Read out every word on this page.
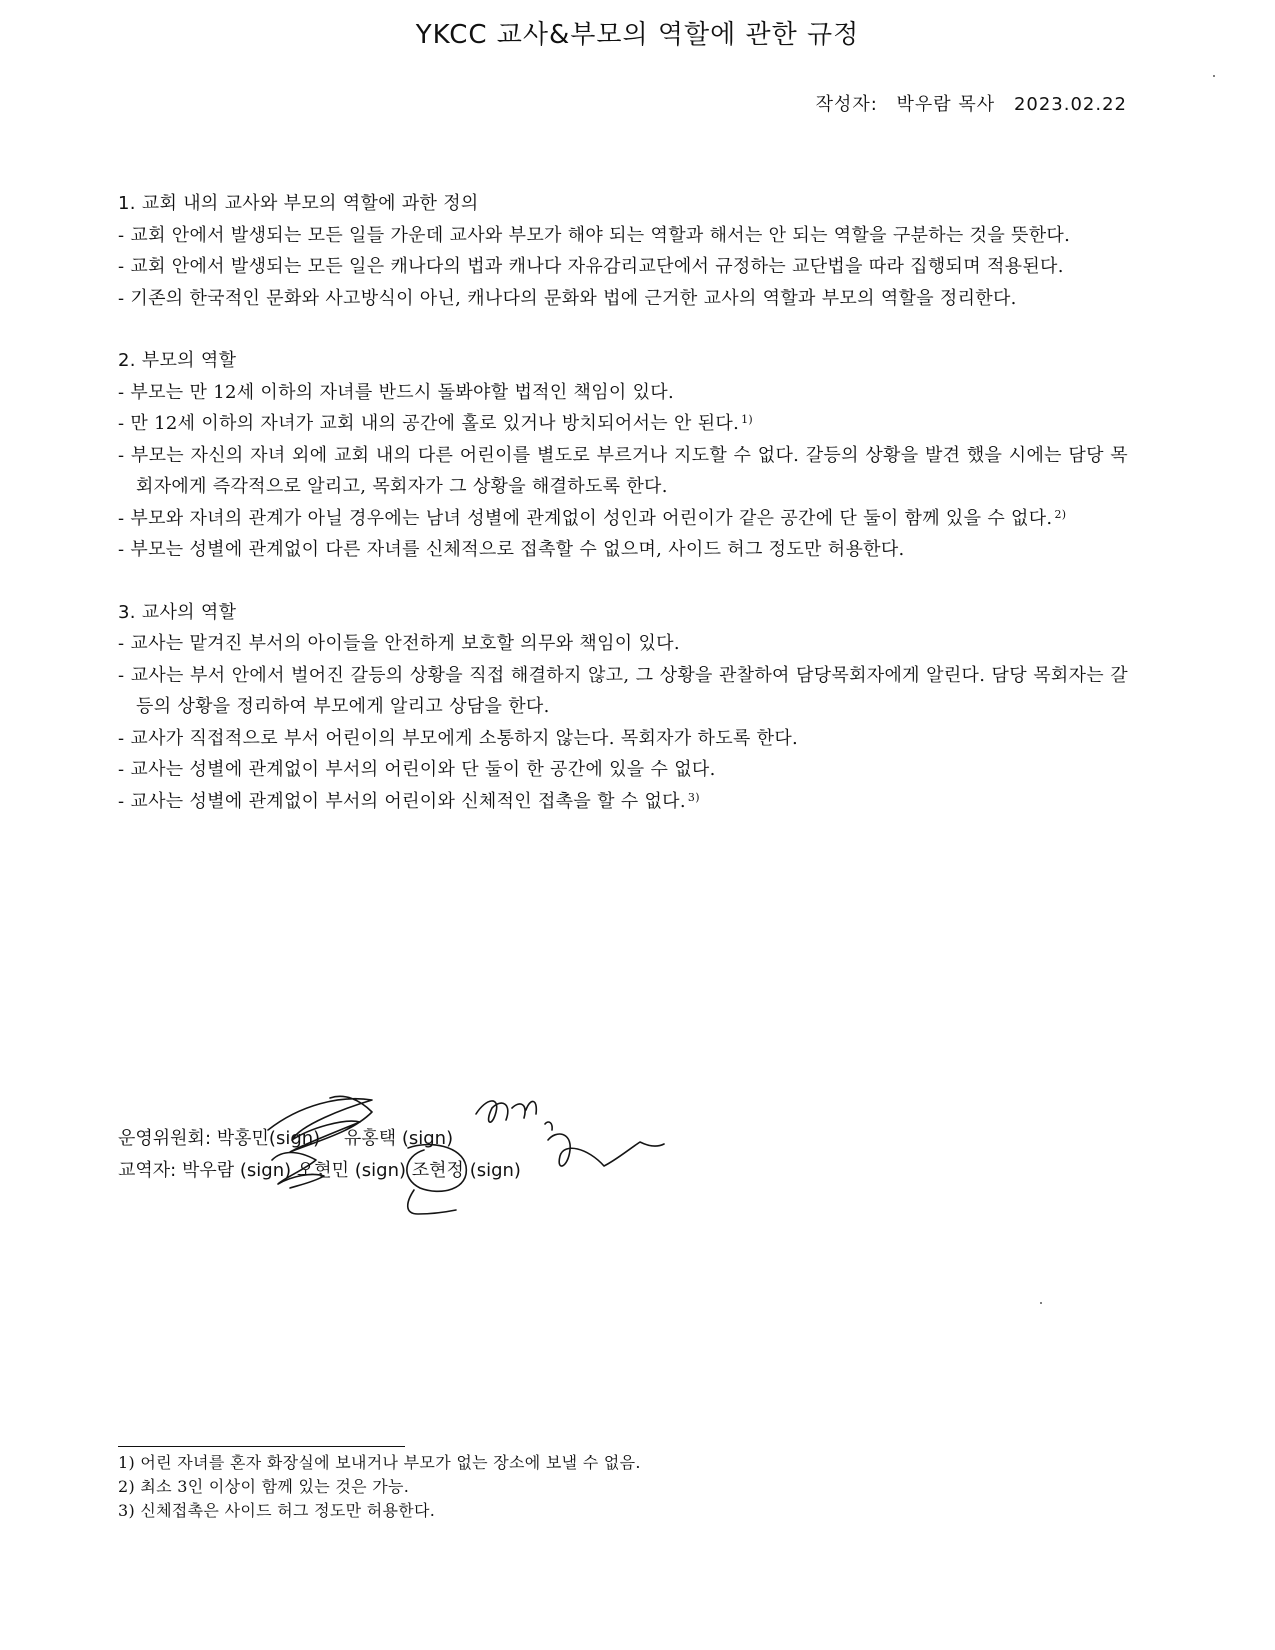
YKCC 교사&부모의 역할에 관한 규정
작성자: 박우람 목사 2023.02.22
1. 교회 내의 교사와 부모의 역할에 과한 정의
- 교회 안에서 발생되는 모든 일들 가운데 교사와 부모가 해야 되는 역할과 해서는 안 되는 역할을 구분하는 것을 뜻한다.
- 교회 안에서 발생되는 모든 일은 캐나다의 법과 캐나다 자유감리교단에서 규정하는 교단법을 따라 집행되며 적용된다.
- 기존의 한국적인 문화와 사고방식이 아닌, 캐나다의 문화와 법에 근거한 교사의 역할과 부모의 역할을 정리한다.
2. 부모의 역할
- 부모는 만 12세 이하의 자녀를 반드시 돌봐야할 법적인 책임이 있다.
- 만 12세 이하의 자녀가 교회 내의 공간에 홀로 있거나 방치되어서는 안 된다. $^{1)}$
- 부모는 자신의 자녀 외에 교회 내의 다른 어린이를 별도로 부르거나 지도할 수 없다. 갈등의 상황을 발견 했을 시에는 담당 목회자에게 즉각적으로 알리고, 목회자가 그 상황을 해결하도록 한다.
- 부모와 자녀의 관계가 아닐 경우에는 남녀 성별에 관계없이 성인과 어린이가 같은 공간에 단 둘이 함께 있을 수 없다. $^{2)}$
- 부모는 성별에 관계없이 다른 자녀를 신체적으로 접촉할 수 없으며, 사이드 허그 정도만 허용한다.
3. 교사의 역할
- 교사는 맡겨진 부서의 아이들을 안전하게 보호할 의무와 책임이 있다.
- 교사는 부서 안에서 벌어진 갈등의 상황을 직접 해결하지 않고, 그 상황을 관찰하여 담당목회자에게 알린다. 담당 목회자는 갈등의 상황을 정리하여 부모에게 알리고 상담을 한다.
- 교사가 직접적으로 부서 어린이의 부모에게 소통하지 않는다. 목회자가 하도록 한다.
- 교사는 성별에 관계없이 부서의 어린이와 단 둘이 한 공간에 있을 수 없다.
- 교사는 성별에 관계없이 부서의 어린이와 신체적인 접촉을 할 수 없다. $^{3)}$
운영위원회: 박홍민(sign) 유홍택 (sign)
교역자: 박우람 (sign) 오현민 (sign) 조현정 (sign)
1) 어린 자녀를 혼자 화장실에 보내거나 부모가 없는 장소에 보낼 수 없음.
2) 최소 3인 이상이 함께 있는 것은 가능.
3) 신체접촉은 사이드 허그 정도만 허용한다.
